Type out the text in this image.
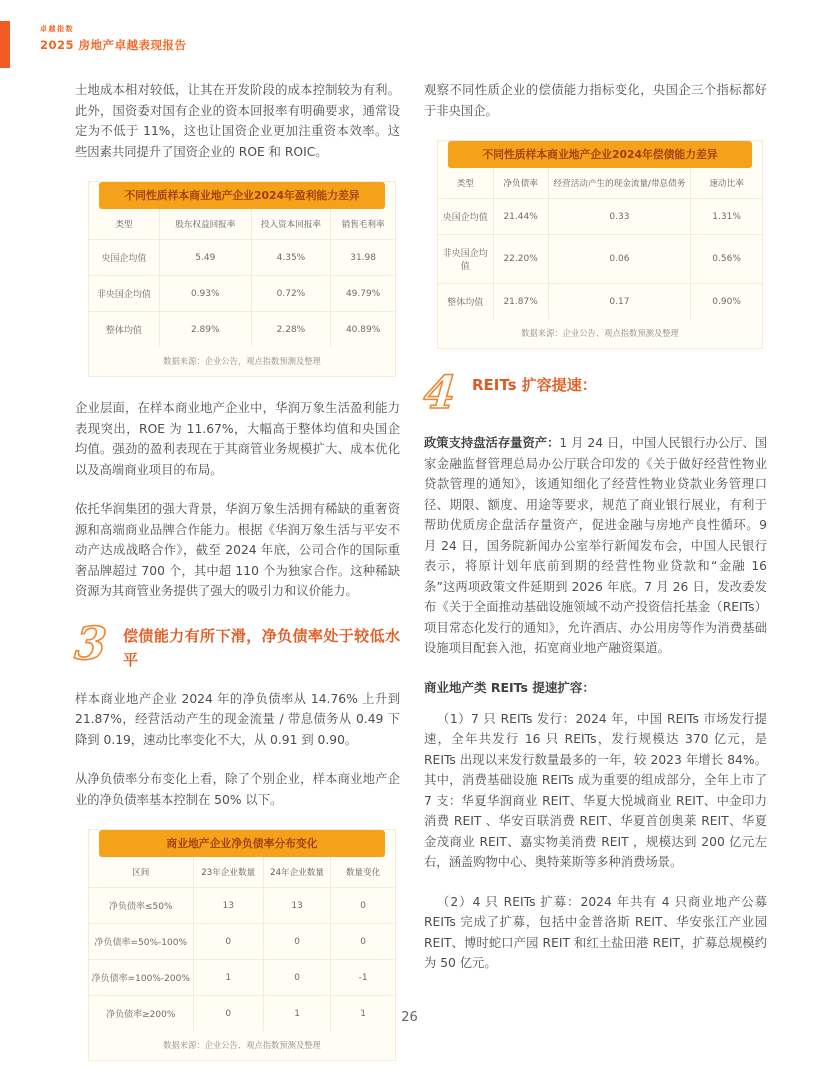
卓越指数
2025 房地产卓越表现报告

土地成本相对较低，让其在开发阶段的成本控制较为有利。此外，国资委对国有企业的资本回报率有明确要求，通常设定为不低于 11%，这也让国资企业更加注重资本效率。这些因素共同提升了国资企业的 ROE 和 ROIC。

不同性质样本商业地产企业2024年盈利能力差异
类型	股东权益回报率	投入资本回报率	销售毛利率
央国企均值	5.49	4.35%	31.98
非央国企均值	0.93%	0.72%	49.79%
整体均值	2.89%	2.28%	40.89%
数据来源：企业公告，观点指数预测及整理

企业层面，在样本商业地产企业中，华润万象生活盈利能力表现突出，ROE 为 11.67%，大幅高于整体均值和央国企均值。强劲的盈利表现在于其商管业务规模扩大、成本优化以及高端商业项目的布局。

依托华润集团的强大背景，华润万象生活拥有稀缺的重奢资源和高端商业品牌合作能力。根据《华润万象生活与平安不动产达成战略合作》，截至 2024 年底，公司合作的国际重奢品牌超过 700 个，其中超 110 个为独家合作。这种稀缺资源为其商管业务提供了强大的吸引力和议价能力。

3 偿债能力有所下滑，净负债率处于较低水平

样本商业地产企业 2024 年的净负债率从 14.76% 上升到 21.87%，经营活动产生的现金流量 / 带息债务从 0.49 下降到 0.19，速动比率变化不大，从 0.91 到 0.90。

从净负债率分布变化上看，除了个别企业，样本商业地产企业的净负债率基本控制在 50% 以下。

商业地产企业净负债率分布变化
区间	23年企业数量	24年企业数量	数量变化
净负债率≤50%	13	13	0
净负债率=50%-100%	0	0	0
净负债率=100%-200%	1	0	-1
净负债率≥200%	0	1	1
数据来源：企业公告、观点指数预测及整理

观察不同性质企业的偿债能力指标变化，央国企三个指标都好于非央国企。

不同性质样本商业地产企业2024年偿债能力差异
类型	净负债率	经营活动产生的现金流量/带息债务	速动比率
央国企均值	21.44%	0.33	1.31%
非央国企均值	22.20%	0.06	0.56%
整体均值	21.87%	0.17	0.90%
数据来源：企业公告、观点指数预测及整理
4 REITs 扩容提速：

政策支持盘活存量资产：1 月 24 日，中国人民银行办公厅、国家金融监督管理总局办公厅联合印发的《关于做好经营性物业贷款管理的通知》，该通知细化了经营性物业贷款业务管理口径、期限、额度、用途等要求，规范了商业银行展业，有利于帮助优质房企盘活存量资产，促进金融与房地产良性循环。9 月 24 日，国务院新闻办公室举行新闻发布会，中国人民银行表示，将原计划年底前到期的经营性物业贷款和“金融 16 条”这两项政策文件延期到 2026 年底。7 月 26 日，发改委发布《关于全面推动基础设施领域不动产投资信托基金（REITs）项目常态化发行的通知》，允许酒店、办公用房等作为消费基础设施项目配套入池，拓宽商业地产融资渠道。

商业地产类 REITs 提速扩容：

（1）7 只 REITs 发行：2024 年，中国 REITs 市场发行提速，全年共发行 16 只 REITs，发行规模达 370 亿元，是 REITs 出现以来发行数量最多的一年，较 2023 年增长 84%。其中，消费基础设施 REITs 成为重要的组成部分，全年上市了 7 支：华夏华润商业 REIT、华夏大悦城商业 REIT、中金印力消费 REIT 、华安百联消费 REIT、华夏首创奥莱 REIT、华夏金茂商业 REIT、嘉实物美消费 REIT ，规模达到 200 亿元左右，涵盖购物中心、奥特莱斯等多种消费场景。

（2）4 只 REITs 扩募：2024 年共有 4 只商业地产公募 REITs 完成了扩募，包括中金普洛斯 REIT、华安张江产业园 REIT、博时蛇口产园 REIT 和红土盐田港 REIT，扩募总规模约为 50 亿元。

26
